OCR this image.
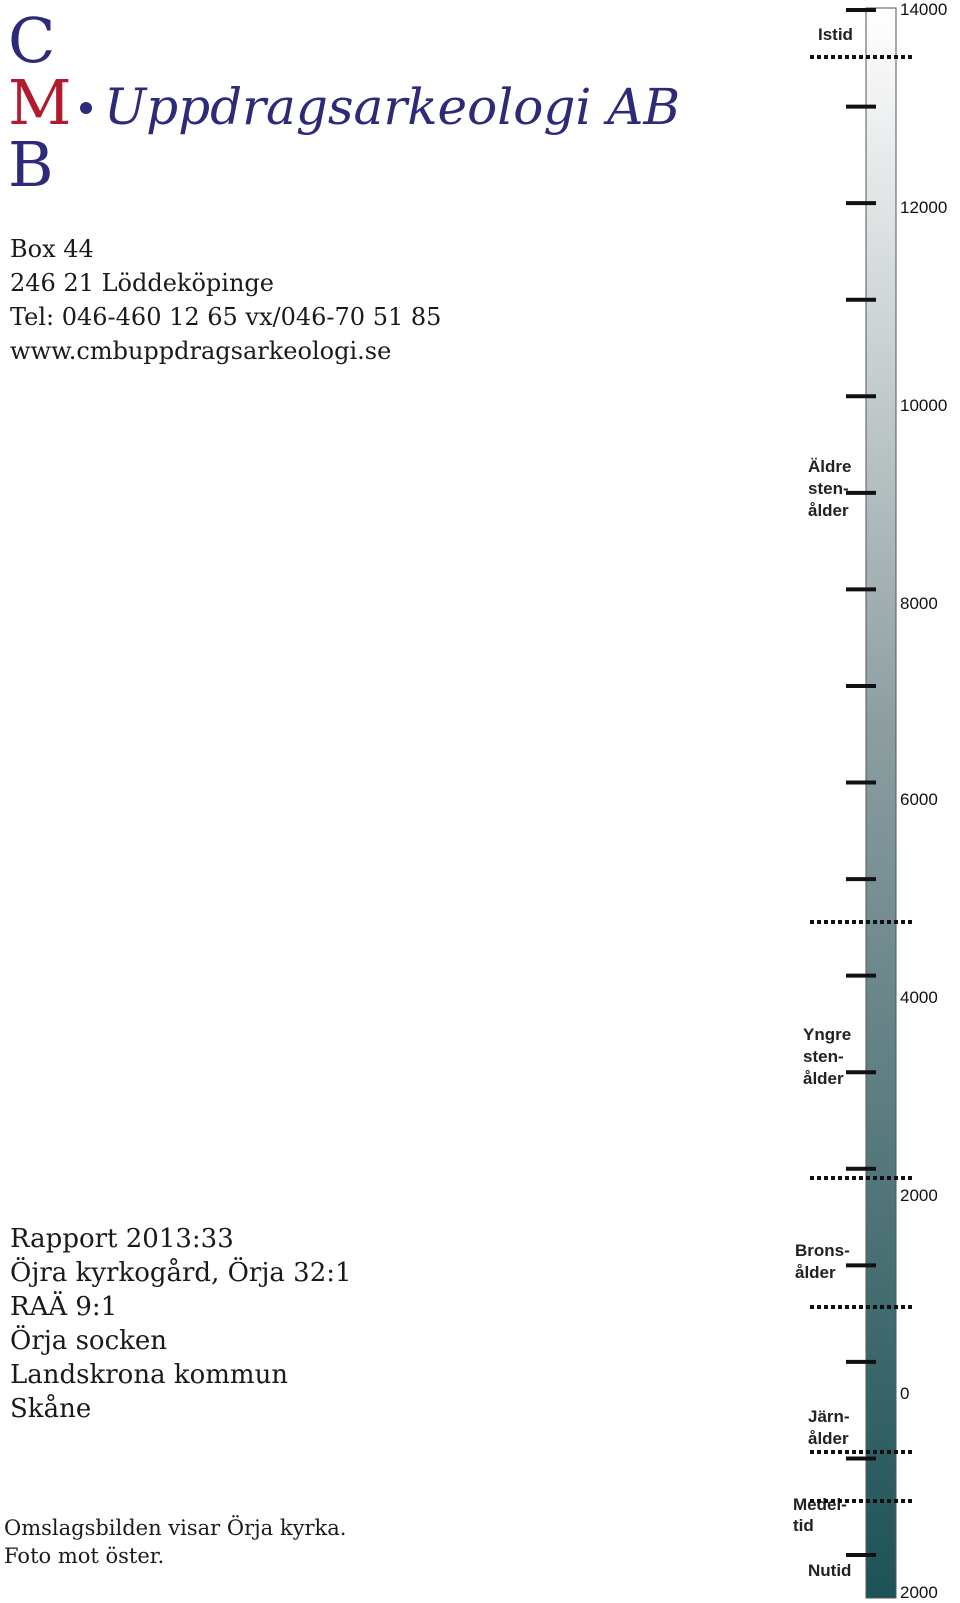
C
M
B
Uppdragsarkeologi AB
Box 44
246 21 Löddeköpinge
Tel: 046-460 12 65 vx/046-70 51 85
www.cmbuppdragsarkeologi.se
Rapport 2013:33
Öjra kyrkogård, Örja 32:1
RAÄ 9:1
Örja socken
Landskrona kommun
Skåne
Omslagsbilden visar Örja kyrka.
Foto mot öster.
14000
12000
10000
8000
6000
4000
2000
0
2000
Istid
Äldre sten- ålder
Yngre sten- ålder
Brons- ålder
Järn- ålder
Medel- tid
Nutid
